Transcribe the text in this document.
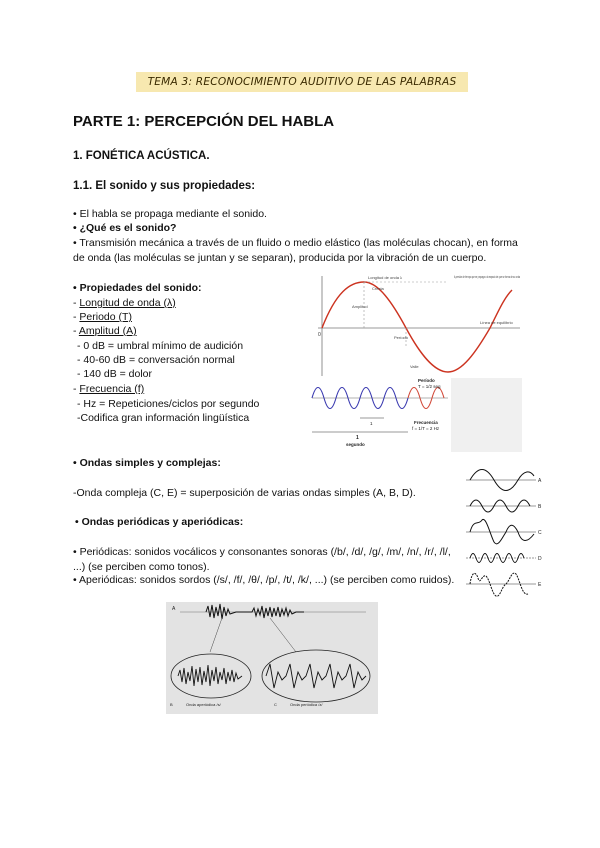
TEMA 3: RECONOCIMIENTO AUDITIVO DE LAS PALABRAS
PARTE 1: PERCEPCIÓN DEL HABLA
1. FONÉTICA ACÚSTICA.
1.1. El sonido y sus propiedades:
• El habla se propaga mediante el sonido.
• ¿Qué es el sonido?
• Transmisión mecánica a través de un fluido o medio elástico (las moléculas chocan), en forma de onda (las moléculas se juntan y se separan), producida por la vibración de un cuerpo.
• Propiedades del sonido:
- Longitud de onda (λ)
- Periodo (T)
- Amplitud (A)
- 0 dB = umbral mínimo de audición
- 40-60 dB = conversación normal
- 140 dB = dolor
- Frecuencia (f)
- Hz = Repeticiones/ciclos por segundo
-Codifica gran información lingüística
• Ondas simples y complejas:
-Onda compleja (C, E) = superposición de varias ondas simples (A, B, D).
• Ondas periódicas y aperiódicas:
• Periódicas: sonidos vocálicos y consonantes sonoras (/b/, /d/, /g/, /m/, /n/, /r/, /l/, ...) (se perciben como tonos).
• Aperiódicas: sonidos sordos (/s/, /f/, /θ/, /p/, /t/, /k/, ...) (se perciben como ruidos).
Longitud de onda λ
Cresta
Amplitud
A presión de tiempo que se propaga a la espacio de que se forma de su onda
Línea de equilibrio
0
Valle
Período
1
1
segundo
Período
T = 1/2 seg
Frecuencia
f = 1/T = 2 Hz
A
B
C
D
E
A
B	Onda aperiódica /s/	C	Onda periódica /z/
